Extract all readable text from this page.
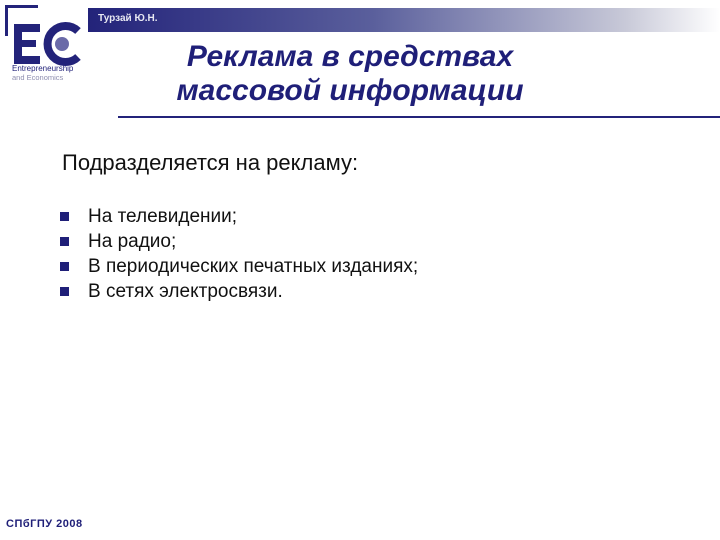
Турзай Ю.Н.
Entrepreneurship
and Economics
Реклама в средствах
массовой информации
Подразделяется на рекламу:
На телевидении;
На радио;
В периодических печатных изданиях;
В сетях электросвязи.
СПбГПУ 2008
